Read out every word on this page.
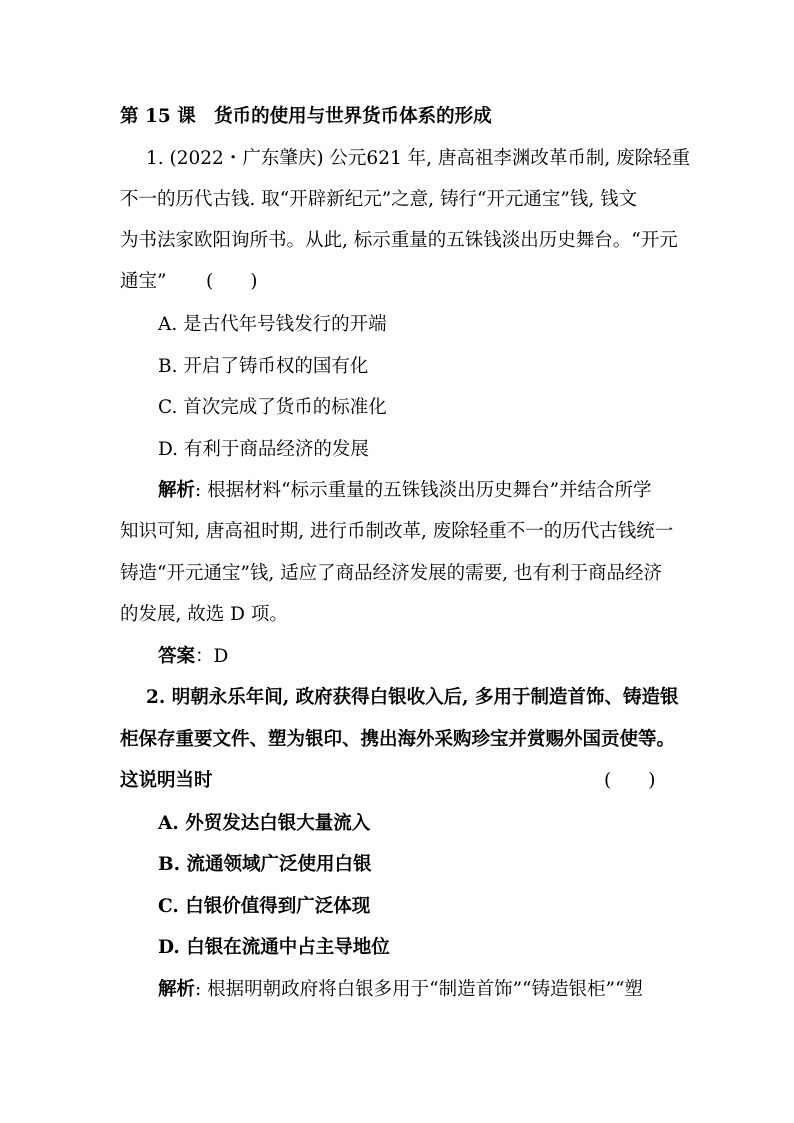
第 15 课　货币的使用与世界货币体系的形成
1. (2022・广东肇庆) 公元621 年, 唐高祖李渊改革币制, 废除轻重
不一的历代古钱. 取“开辟新纪元”之意, 铸行“开元通宝”钱, 钱文
为书法家欧阳询所书。从此, 标示重量的五铢钱淡出历史舞台。“开元
通宝” (　　)
A. 是古代年号钱发行的开端
B. 开启了铸币权的国有化
C. 首次完成了货币的标准化
D. 有利于商品经济的发展
解析: 根据材料“标示重量的五铢钱淡出历史舞台”并结合所学
知识可知, 唐高祖时期, 进行币制改革, 废除轻重不一的历代古钱统一
铸造“开元通宝”钱, 适应了商品经济发展的需要, 也有利于商品经济
的发展, 故选 D 项。
答案：D
2. 明朝永乐年间, 政府获得白银收入后, 多用于制造首饰、铸造银
柜保存重要文件、塑为银印、携出海外采购珍宝并赏赐外国贡使等。
这说明当时	(　　)
A. 外贸发达白银大量流入
B. 流通领域广泛使用白银
C. 白银价值得到广泛体现
D. 白银在流通中占主导地位
解析: 根据明朝政府将白银多用于“制造首饰”“铸造银柜”“塑
